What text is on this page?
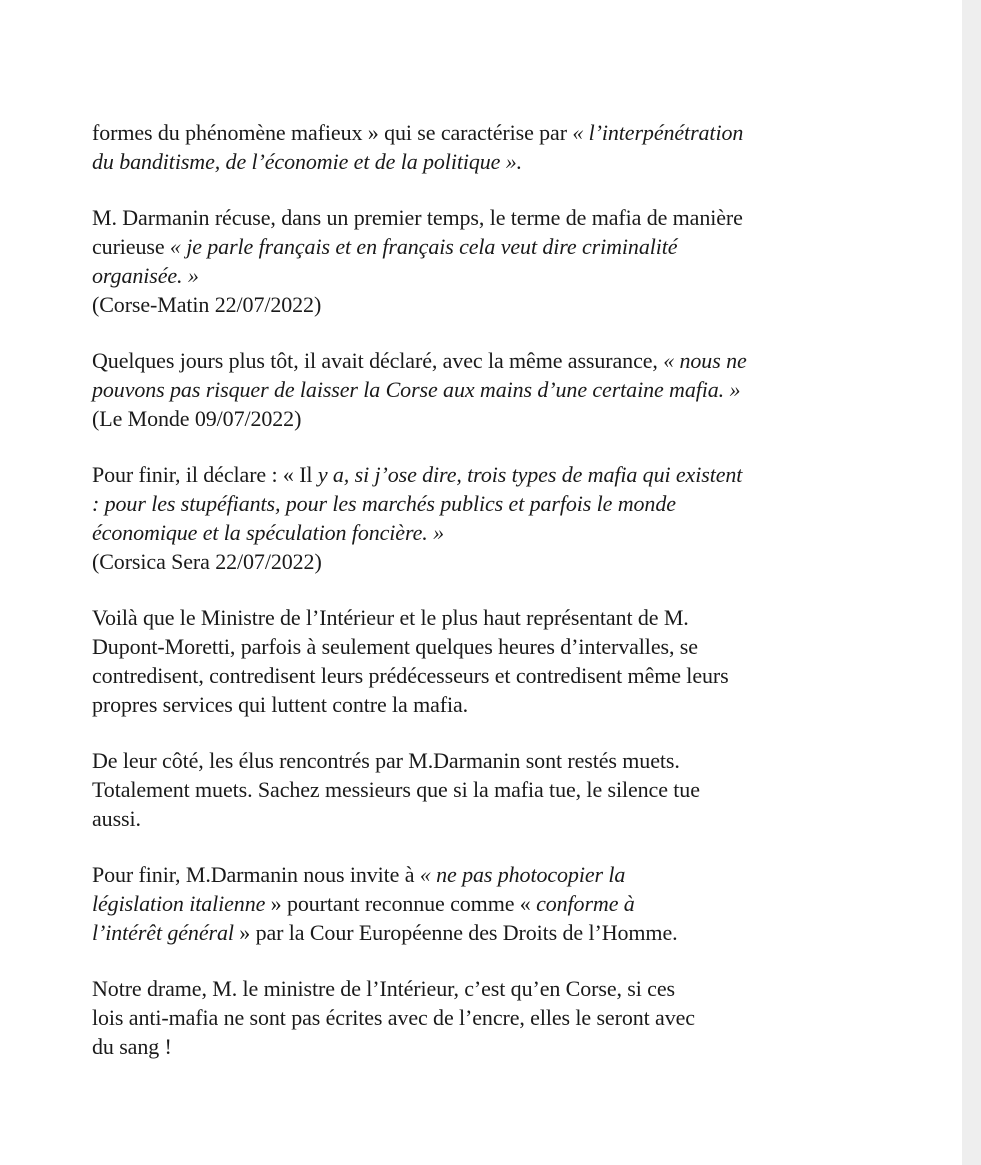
formes du phénomène mafieux » qui se caractérise par « l’interpénétration
du banditisme, de l’économie et de la politique ».

M. Darmanin récuse, dans un premier temps, le terme de mafia de manière
curieuse « je parle français et en français cela veut dire criminalité
organisée. »
(Corse-Matin 22/07/2022)

Quelques jours plus tôt, il avait déclaré, avec la même assurance, « nous ne
pouvons pas risquer de laisser la Corse aux mains d’une certaine mafia. »
(Le Monde 09/07/2022)

Pour finir, il déclare : « Il y a, si j’ose dire, trois types de mafia qui existent
: pour les stupéfiants, pour les marchés publics et parfois le monde
économique et la spéculation foncière. »
(Corsica Sera 22/07/2022)

Voilà que le Ministre de l’Intérieur et le plus haut représentant de M.
Dupont-Moretti, parfois à seulement quelques heures d’intervalles, se
contredisent, contredisent leurs prédécesseurs et contredisent même leurs
propres services qui luttent contre la mafia.

De leur côté, les élus rencontrés par M.Darmanin sont restés muets.
Totalement muets. Sachez messieurs que si la mafia tue, le silence tue
aussi.

Pour finir, M.Darmanin nous invite à « ne pas photocopier la
législation italienne » pourtant reconnue comme « conforme à
l’intérêt général » par la Cour Européenne des Droits de l’Homme.

Notre drame, M. le ministre de l’Intérieur, c’est qu’en Corse, si ces
lois anti-mafia ne sont pas écrites avec de l’encre, elles le seront avec
du sang !
